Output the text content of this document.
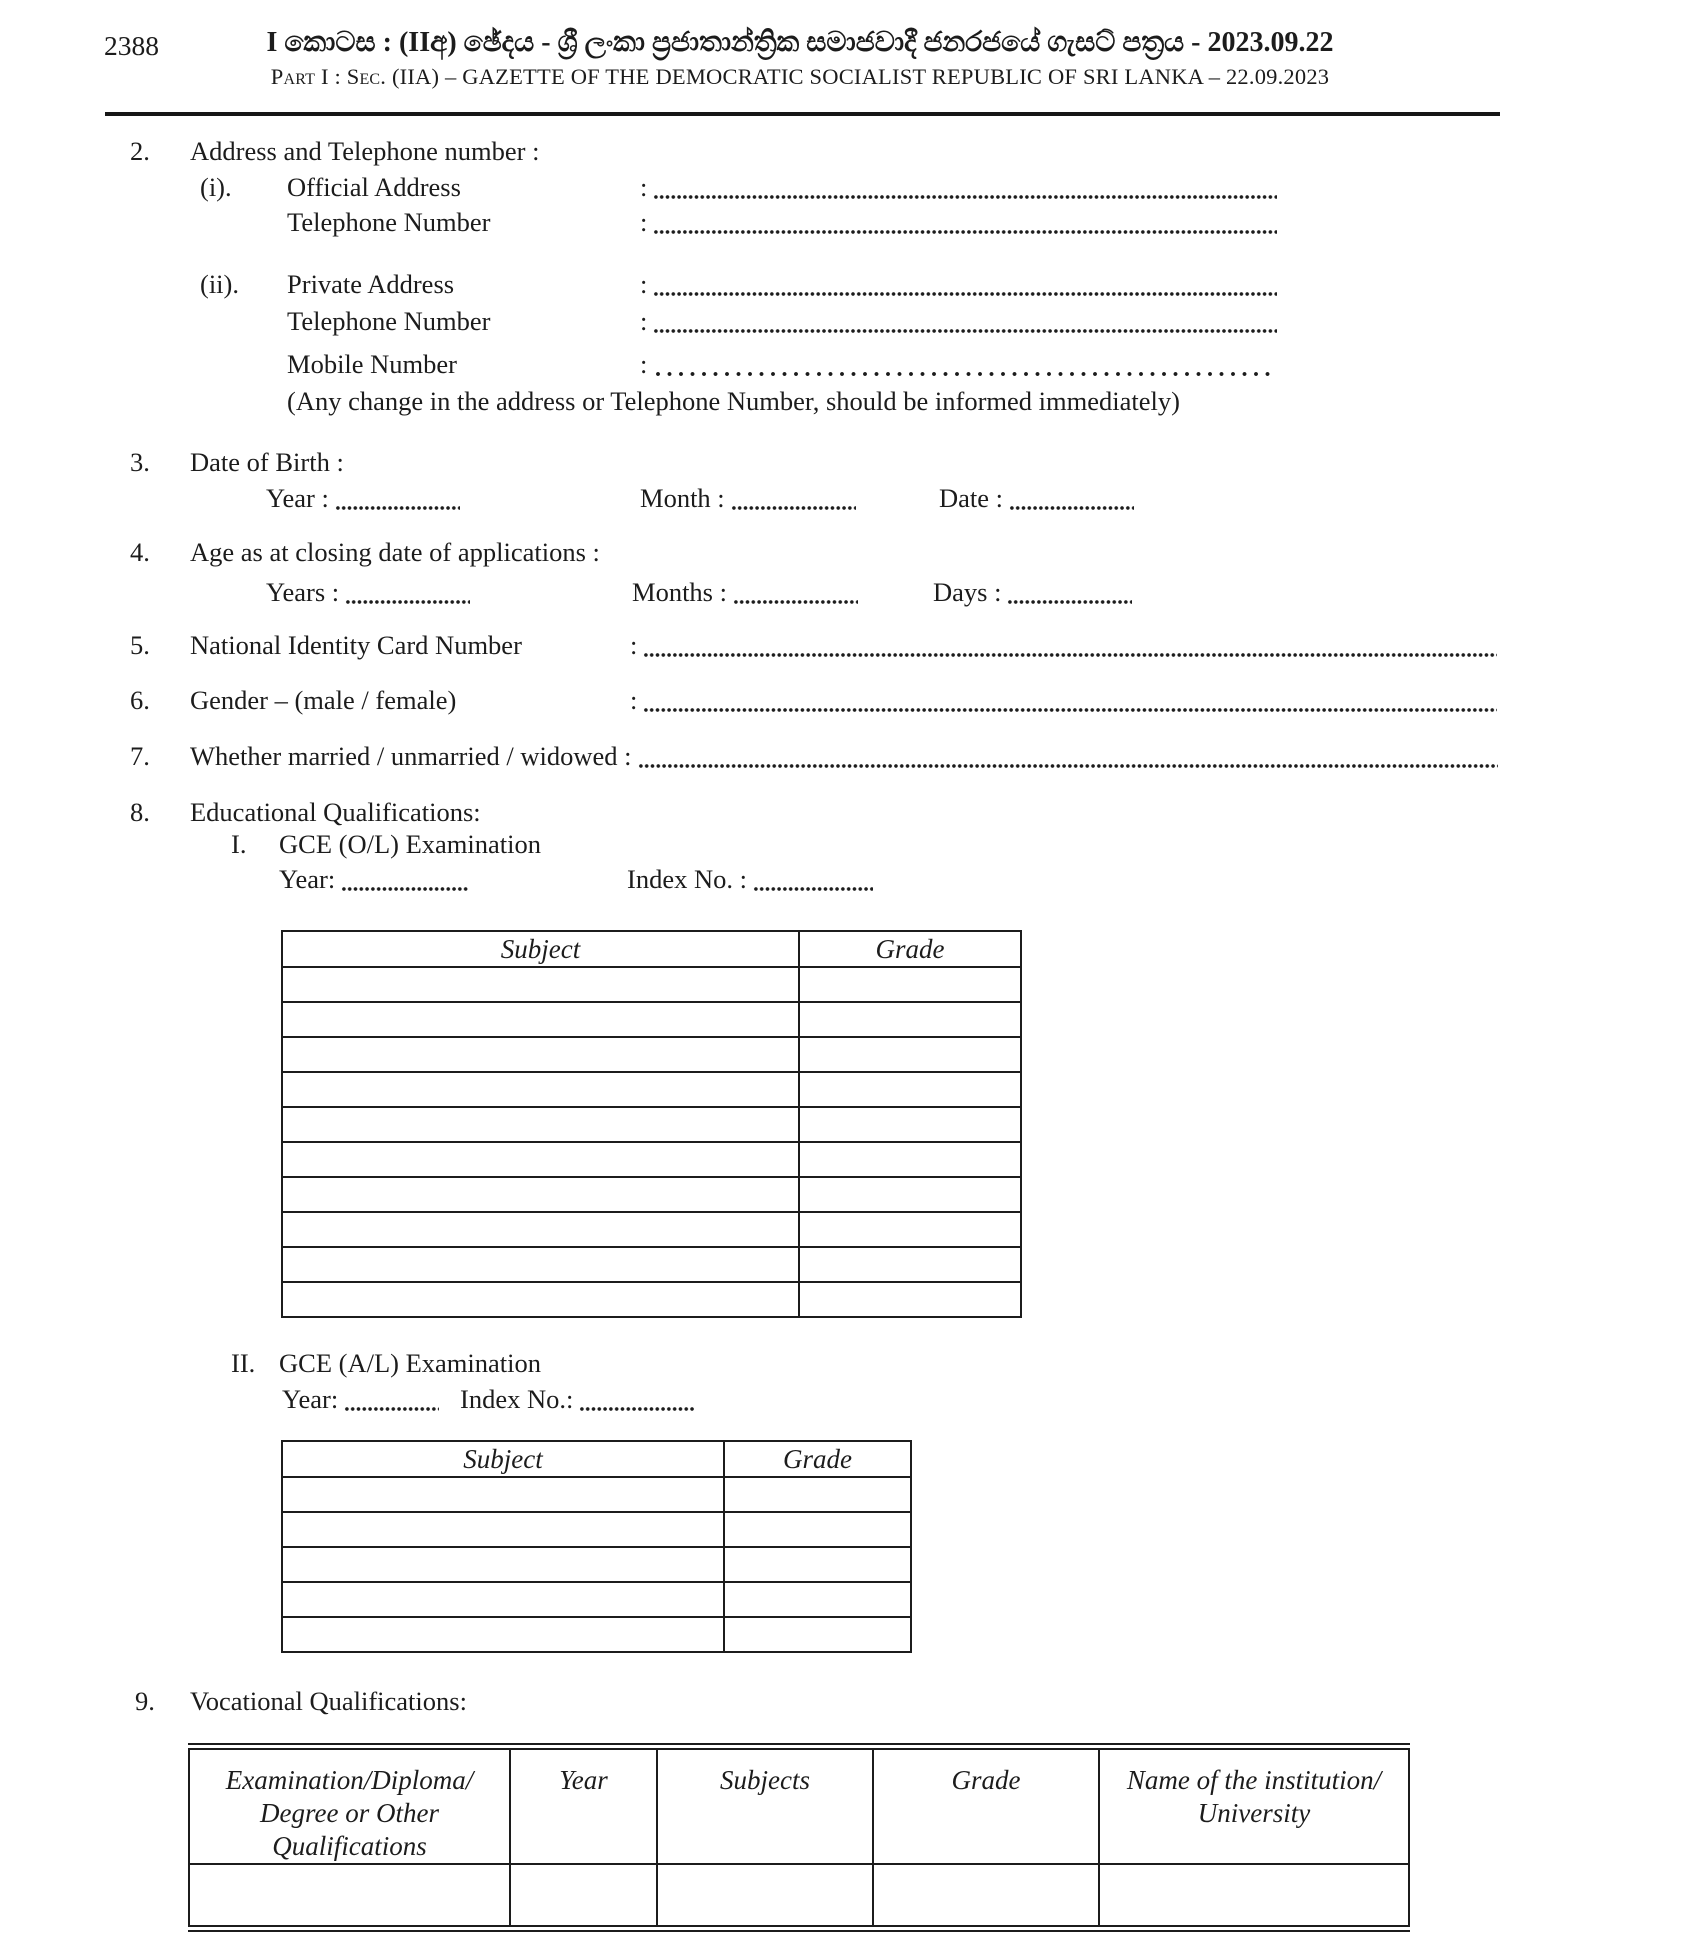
2388	I කොටස : (IIඅ) ඡේදය - ශ්‍රී ලංකා ප්‍රජාතාන්ත්‍රික සමාජවාදී ජනරජයේ ගැසට් පත්‍රය - 2023.09.22
Part I : Sec. (IIA) – GAZETTE OF THE DEMOCRATIC SOCIALIST REPUBLIC OF SRI LANKA – 22.09.2023
2.	Address and Telephone number :
(i).	Official Address	:
Telephone Number	:
(ii).	Private Address	:
Telephone Number	:
Mobile Number	:
(Any change in the address or Telephone Number, should be informed immediately)
3.	Date of Birth :
Year :	Month :	Date :
4.	Age as at closing date of applications :
Years :	Months :	Days :
5.	National Identity Card Number	:
6.	Gender – (male / female)	:
7.	Whether married / unmarried / widowed :
8.	Educational Qualifications:
I.	GCE (O/L) Examination
Year:	Index No. :
Subject	Grade

II. GCE (A/L) Examination
Year:	Index No.:
Subject	Grade

9.	Vocational Qualifications:
Examination/Diploma/
Degree or Other
Qualifications	Year	Subjects	Grade	Name of the institution/
University
